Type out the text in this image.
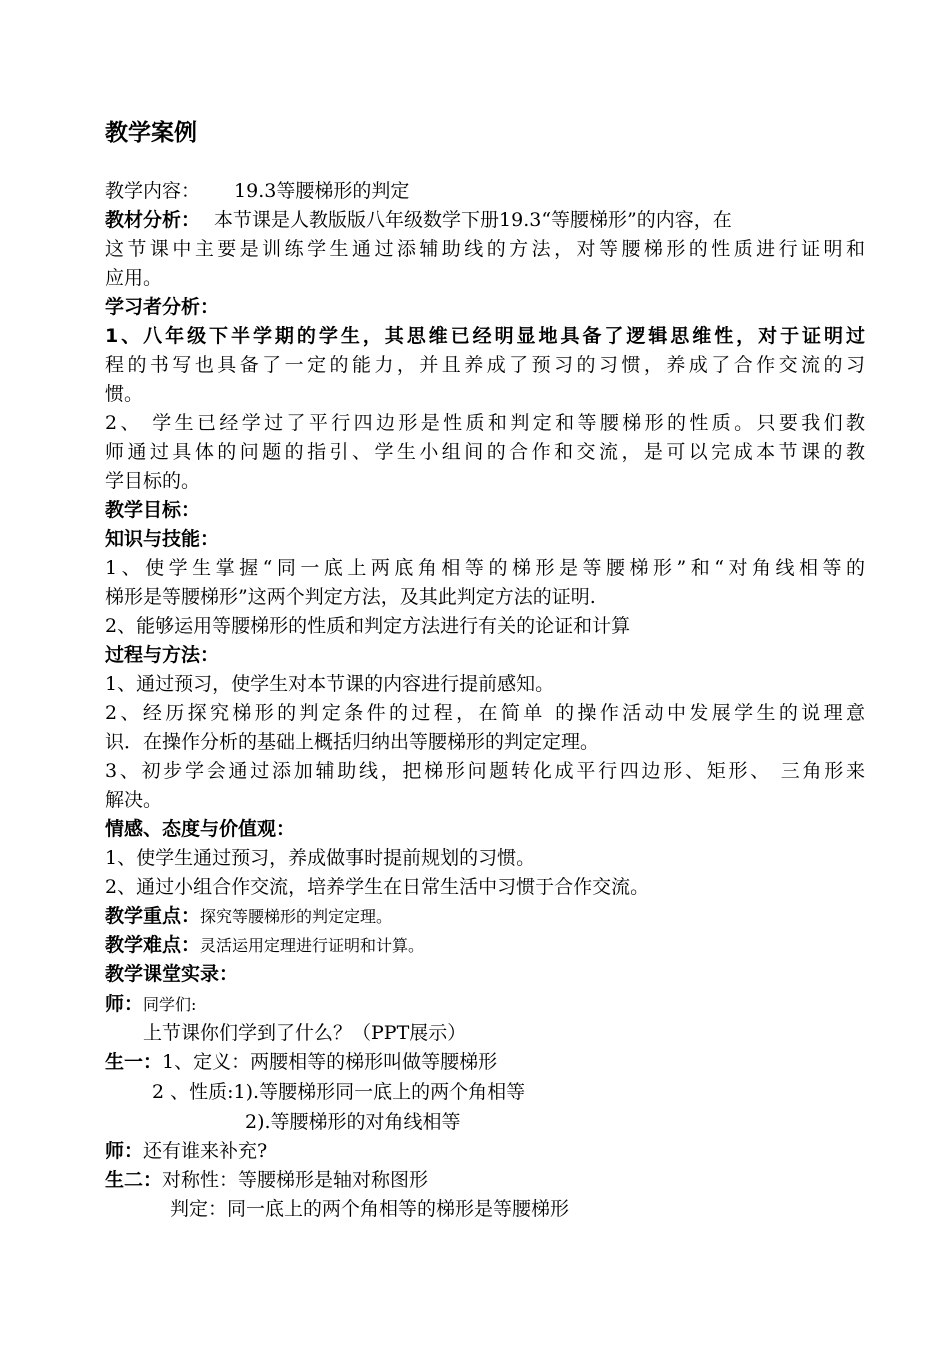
教学案例
教学内容： 19.3等腰梯形的判定
教材分析： 本节课是人教版版八年级数学下册19.3“等腰梯形”的内容，在
这节课中主要是训练学生通过添辅助线的方法，对等腰梯形的性质进行证明和
应用。
学习者分析：
1、八年级下半学期的学生，其思维已经明显地具备了逻辑思维性，对于证明过
程的书写也具备了一定的能力，并且养成了预习的习惯，养成了合作交流的习
惯。
2、 学生已经学过了平行四边形是性质和判定和等腰梯形的性质。只要我们教
师通过具体的问题的指引、学生小组间的合作和交流，是可以完成本节课的教
学目标的。
教学目标：
知识与技能：
1、使学生掌握“同一底上两底角相等的梯形是等腰梯形”和“对角线相等的
梯形是等腰梯形”这两个判定方法，及其此判定方法的证明.
2、能够运用等腰梯形的性质和判定方法进行有关的论证和计算
过程与方法：
1、通过预习，使学生对本节课的内容进行提前感知。
2、经历探究梯形的判定条件的过程，在简单 的操作活动中发展学生的说理意
识．在操作分析的基础上概括归纳出等腰梯形的判定定理。
3、初步学会通过添加辅助线，把梯形问题转化成平行四边形、矩形、 三角形来
解决。
情感、态度与价值观：
1、使学生通过预习，养成做事时提前规划的习惯。
2、通过小组合作交流，培养学生在日常生活中习惯于合作交流。
教学重点：探究等腰梯形的判定定理。
教学难点：灵活运用定理进行证明和计算。
教学课堂实录：
师：同学们:
上节课你们学到了什么？（PPT展示）
生一：1、定义：两腰相等的梯形叫做等腰梯形
2 、性质:1).等腰梯形同一底上的两个角相等
2).等腰梯形的对角线相等
师：还有谁来补充?
生二：对称性：等腰梯形是轴对称图形
判定：同一底上的两个角相等的梯形是等腰梯形
